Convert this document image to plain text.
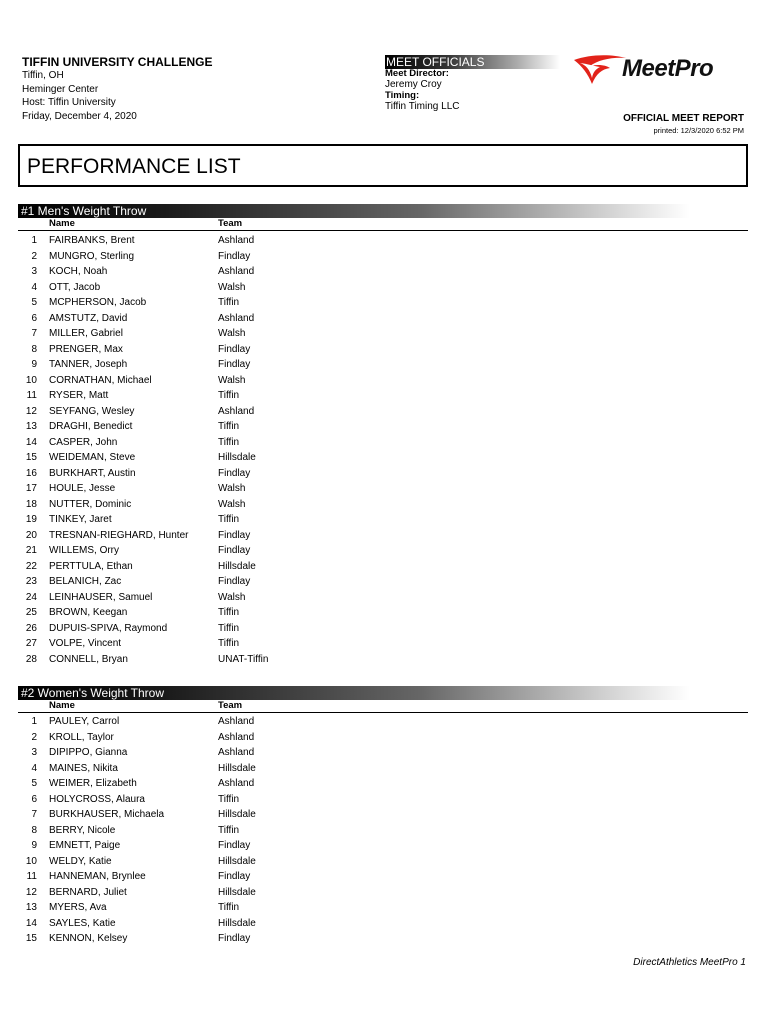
TIFFIN UNIVERSITY CHALLENGE
Tiffin, OH
Heminger Center
Host: Tiffin University
Friday, December 4, 2020
MEET OFFICIALS
Meet Director:
Jeremy Croy
Timing:
Tiffin Timing LLC
MeetPro
OFFICIAL MEET REPORT
printed: 12/3/2020 6:52 PM
PERFORMANCE LIST
#1 Men's Weight Throw
Name	Team
1 FAIRBANKS, Brent	Ashland
2 MUNGRO, Sterling	Findlay
3 KOCH, Noah	Ashland
4 OTT, Jacob	Walsh
5 MCPHERSON, Jacob	Tiffin
6 AMSTUTZ, David	Ashland
7 MILLER, Gabriel	Walsh
8 PRENGER, Max	Findlay
9 TANNER, Joseph	Findlay
10 CORNATHAN, Michael	Walsh
11 RYSER, Matt	Tiffin
12 SEYFANG, Wesley	Ashland
13 DRAGHI, Benedict	Tiffin
14 CASPER, John	Tiffin
15 WEIDEMAN, Steve	Hillsdale
16 BURKHART, Austin	Findlay
17 HOULE, Jesse	Walsh
18 NUTTER, Dominic	Walsh
19 TINKEY, Jaret	Tiffin
20 TRESNAN-RIEGHARD, Hunter	Findlay
21 WILLEMS, Orry	Findlay
22 PERTTULA, Ethan	Hillsdale
23 BELANICH, Zac	Findlay
24 LEINHAUSER, Samuel	Walsh
25 BROWN, Keegan	Tiffin
26 DUPUIS-SPIVA, Raymond	Tiffin
27 VOLPE, Vincent	Tiffin
28 CONNELL, Bryan	UNAT-Tiffin
#2 Women's Weight Throw
Name	Team
1 PAULEY, Carrol	Ashland
2 KROLL, Taylor	Ashland
3 DIPIPPO, Gianna	Ashland
4 MAINES, Nikita	Hillsdale
5 WEIMER, Elizabeth	Ashland
6 HOLYCROSS, Alaura	Tiffin
7 BURKHAUSER, Michaela	Hillsdale
8 BERRY, Nicole	Tiffin
9 EMNETT, Paige	Findlay
10 WELDY, Katie	Hillsdale
11 HANNEMAN, Brynlee	Findlay
12 BERNARD, Juliet	Hillsdale
13 MYERS, Ava	Tiffin
14 SAYLES, Katie	Hillsdale
15 KENNON, Kelsey	Findlay
DirectAthletics MeetPro 1
